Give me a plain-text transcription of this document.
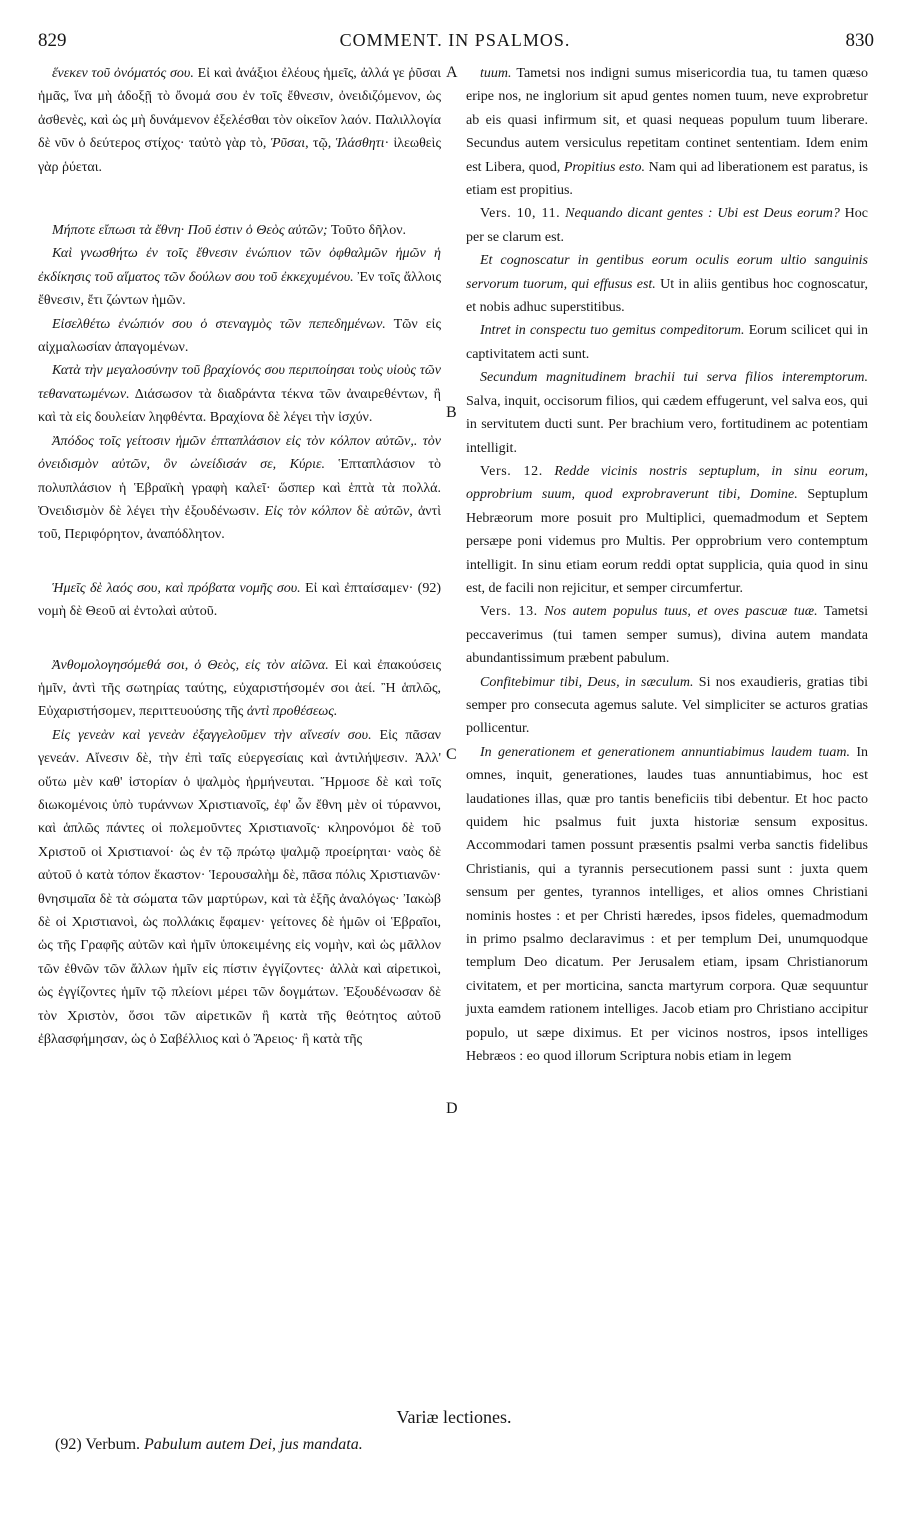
829	COMMENT. IN PSALMOS.	830

ἕνεκεν τοῦ ὀνόματός σου. Εἰ καὶ ἀνάξιοι ἐλέους ἡμεῖς, ἀλλά γε ῥῦσαι ἡμᾶς, ἵνα μὴ ἀδοξῇ τὸ ὄνομά σου ἐν τοῖς ἔθνεσιν, ὀνειδιζόμενον, ὡς ἀσθενὲς, καὶ ὡς μὴ δυνάμενον ἐξελέσθαι τὸν οἰκεῖον λαόν. Παλιλλογία δὲ νῦν ὁ δεύτερος στίχος· ταὐτὸ γὰρ τὸ, Ῥῦσαι, τῷ, Ἱλάσθητι· ἱλεωθεὶς γὰρ ῥύεται.

Μήποτε εἴπωσι τὰ ἔθνη· Ποῦ ἐστιν ὁ Θεὸς αὐτῶν; Τοῦτο δῆλον.

Καὶ γνωσθήτω ἐν τοῖς ἔθνεσιν ἐνώπιον τῶν ὀφθαλμῶν ἡμῶν ἡ ἐκδίκησις τοῦ αἵματος τῶν δούλων σου τοῦ ἐκκεχυμένου. Ἐν τοῖς ἄλλοις ἔθνεσιν, ἔτι ζώντων ἡμῶν.

Εἰσελθέτω ἐνώπιόν σου ὁ στεναγμὸς τῶν πεπεδημένων. Τῶν εἰς αἰχμαλωσίαν ἀπαγομένων.

Κατὰ τὴν μεγαλοσύνην τοῦ βραχίονός σου περιποίησαι τοὺς υἱοὺς τῶν τεθανατωμένων. Διάσωσον τὰ διαδράντα τέκνα τῶν ἀναιρεθέντων, ἢ καὶ τὰ εἰς δουλείαν ληφθέντα. Βραχίονα δὲ λέγει τὴν ἰσχύν.

Ἀπόδος τοῖς γείτοσιν ἡμῶν ἑπταπλάσιον εἰς τὸν κόλπον αὐτῶν,. τὸν ὀνειδισμὸν αὐτῶν, ὃν ὠνείδισάν σε, Κύριε. Ἑπταπλάσιον τὸ πολυπλάσιον ἡ Ἑβραϊκὴ γραφὴ καλεῖ· ὥσπερ καὶ ἑπτὰ τὰ πολλά. Ὀνειδισμὸν δὲ λέγει τὴν ἐξουδένωσιν. Εἰς τὸν κόλπον δὲ αὐτῶν, ἀντὶ τοῦ, Περιφόρητον, ἀναπόδλητον.

Ἡμεῖς δὲ λαός σου, καὶ πρόβατα νομῆς σου. Εἰ καὶ ἐπταίσαμεν· (92) νομὴ δὲ Θεοῦ αἱ ἐντολαὶ αὐτοῦ.

Ἀνθομολογησόμεθά σοι, ὁ Θεὸς, εἰς τὸν αἰῶνα. Εἰ καὶ ἐπακούσεις ἡμῖν, ἀντὶ τῆς σωτηρίας ταύτης, εὐχαριστήσομέν σοι ἀεί. Ἢ ἁπλῶς, Εὐχαριστήσομεν, περιττευούσης τῆς ἀντὶ προθέσεως.

Εἰς γενεὰν καὶ γενεὰν ἐξαγγελοῦμεν τὴν αἴνεσίν σου. Εἰς πᾶσαν γενεάν. Αἴνεσιν δὲ, τὴν ἐπὶ ταῖς εὐεργεσίαις καὶ ἀντιλήψεσιν. Ἀλλ' οὕτω μὲν καθ' ἱστορίαν ὁ ψαλμὸς ἡρμήνευται. Ἥρμοσε δὲ καὶ τοῖς διωκομένοις ὑπὸ τυράννων Χριστιανοῖς, ἐφ' ὧν ἔθνη μὲν οἱ τύραννοι, καὶ ἁπλῶς πάντες οἱ πολεμοῦντες Χριστιανοῖς· κληρονόμοι δὲ τοῦ Χριστοῦ οἱ Χριστιανοί· ὡς ἐν τῷ πρώτῳ ψαλμῷ προείρηται· ναὸς δὲ αὐτοῦ ὁ κατὰ τόπον ἕκαστον· Ἱερουσαλὴμ δὲ, πᾶσα πόλις Χριστιανῶν· θνησιμαῖα δὲ τὰ σώματα τῶν μαρτύρων, καὶ τὰ ἑξῆς ἀναλόγως· Ἰακὼβ δὲ οἱ Χριστιανοὶ, ὡς πολλάκις ἔφαμεν· γείτονες δὲ ἡμῶν οἱ Ἑβραῖοι, ὡς τῆς Γραφῆς αὐτῶν καὶ ἡμῖν ὑποκειμένης εἰς νομὴν, καὶ ὡς μᾶλλον τῶν ἐθνῶν τῶν ἄλλων ἡμῖν εἰς πίστιν ἐγγίζοντες· ἀλλὰ καὶ αἱρετικοὶ, ὡς ἐγγίζοντες ἡμῖν τῷ πλείονι μέρει τῶν δογμάτων. Ἐξουδένωσαν δὲ τὸν Χριστὸν, ὅσοι τῶν αἱρετικῶν ἢ κατὰ τῆς θεότητος αὐτοῦ ἐβλασφήμησαν, ὡς ὁ Σαβέλλιος καὶ ὁ Ἄρειος· ἢ κατὰ τῆς

tuum. Tametsi nos indigni sumus misericordia tua, tu tamen quæso eripe nos, ne inglorium sit apud gentes nomen tuum, neve exprobretur ab eis quasi infirmum sit, et quasi nequeas populum tuum liberare. Secundus autem versiculus repetitam continet sententiam. Idem enim est Libera, quod, Propitius esto. Nam qui ad liberationem est paratus, is etiam est propitius.

Vers. 10, 11. Nequando dicant gentes : Ubi est Deus eorum? Hoc per se clarum est.

Et cognoscatur in gentibus eorum oculis eorum ultio sanguinis servorum tuorum, qui effusus est. Ut in aliis gentibus hoc cognoscatur, et nobis adhuc superstitibus.

Intret in conspectu tuo gemitus compeditorum. Eorum scilicet qui in captivitatem acti sunt.

Secundum magnitudinem brachii tui serva filios interemptorum. Salva, inquit, occisorum filios, qui cædem effugerunt, vel salva eos, qui in servitutem ducti sunt. Per brachium vero, fortitudinem ac potentiam intelligit.

Vers. 12. Redde vicinis nostris septuplum, in sinu eorum, opprobrium suum, quod exprobraverunt tibi, Domine. Septuplum Hebræorum more posuit pro Multiplici, quemadmodum et Septem persæpe poni videmus pro Multis. Per opprobrium vero contemptum intelligit. In sinu etiam eorum reddi optat supplicia, quia quod in sinu est, de facili non rejicitur, et semper circumfertur.

Vers. 13. Nos autem populus tuus, et oves pascuæ tuæ. Tametsi peccaverimus (tui tamen semper sumus), divina autem mandata abundantissimum præbent pabulum.

Confitebimur tibi, Deus, in sæculum. Si nos exaudieris, gratias tibi semper pro consecuta agemus salute. Vel simpliciter se acturos gratias pollicentur.

In generationem et generationem annuntiabimus laudem tuam. In omnes, inquit, generationes, laudes tuas annuntiabimus, hoc est laudationes illas, quæ pro tantis beneficiis tibi debentur. Et hoc pacto quidem hic psalmus fuit juxta historiæ sensum expositus. Accommodari tamen possunt præsentis psalmi verba sanctis fidelibus Christianis, qui a tyrannis persecutionem passi sunt : juxta quem sensum per gentes, tyrannos intelliges, et alios omnes Christiani nominis hostes : et per Christi hæredes, ipsos fideles, quemadmodum in primo psalmo declaravimus : et per templum Dei, unumquodque templum Deo dicatum. Per Jerusalem etiam, ipsam Christianorum civitatem, et per morticina, sancta martyrum corpora. Quæ sequuntur juxta eamdem rationem intelliges. Jacob etiam pro Christiano accipitur populo, ut sæpe diximus. Et per vicinos nostros, ipsos intelliges Hebræos : eo quod illorum Scriptura nobis etiam in legem

A
B
C
D
Variæ lectiones.
(92) Verbum. Pabulum autem Dei, jus mandata.
